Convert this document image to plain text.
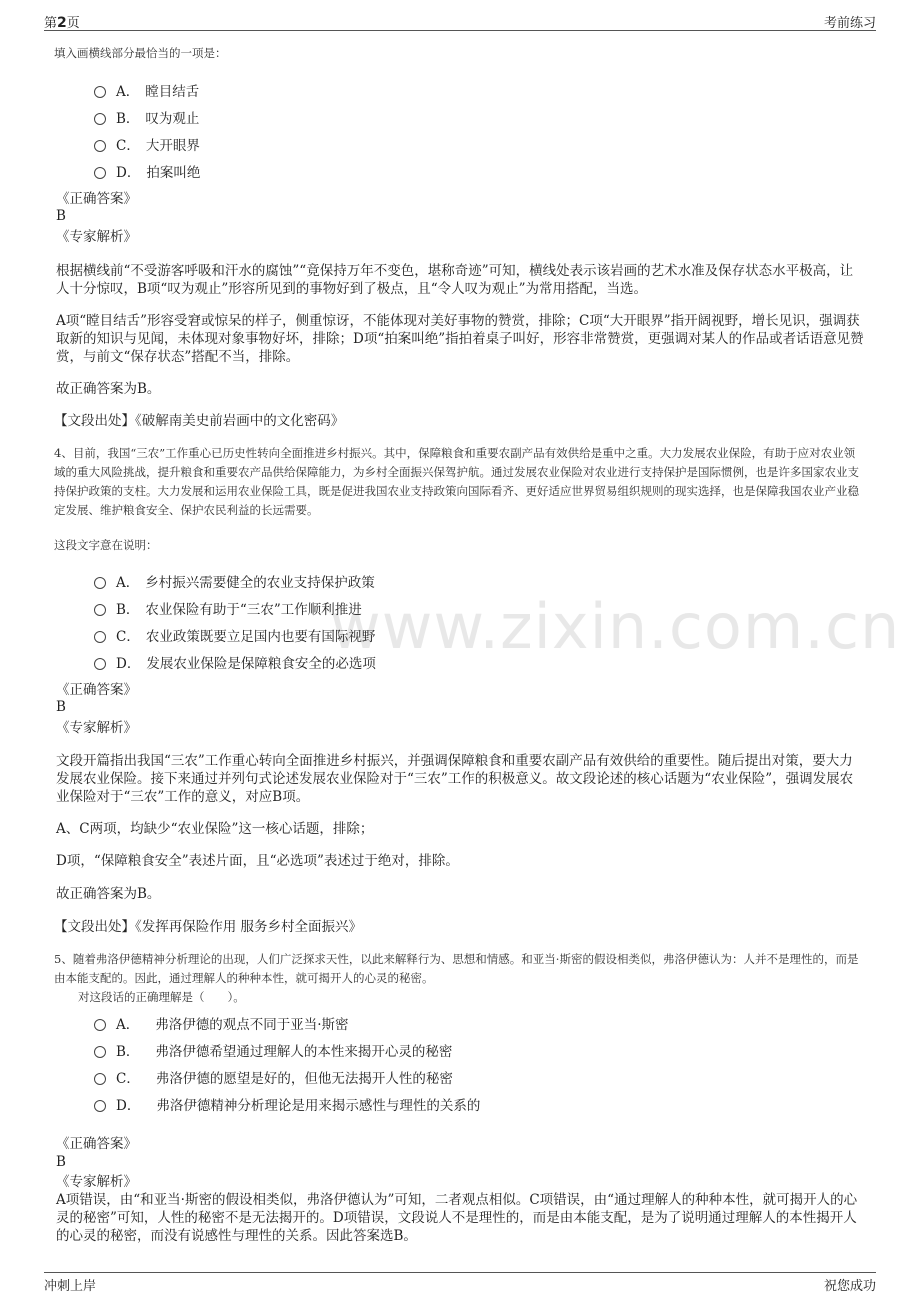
第2页	考前练习
www.zixin.com.cn
填入画横线部分最恰当的一项是：
A． 瞠目结舌
B． 叹为观止
C． 大开眼界
D． 拍案叫绝
《正确答案》
B
《专家解析》
根据横线前“不受游客呼吸和汗水的腐蚀”“竟保持万年不变色，堪称奇迹”可知，横线处表示该岩画的艺术水准及保存状态水平极高，让人十分惊叹，B项“叹为观止”形容所见到的事物好到了极点，且“令人叹为观止”为常用搭配，当选。
A项“瞠目结舌”形容受窘或惊呆的样子，侧重惊讶，不能体现对美好事物的赞赏，排除；C项“大开眼界”指开阔视野，增长见识，强调获取新的知识与见闻，未体现对象事物好坏，排除；D项“拍案叫绝”指拍着桌子叫好，形容非常赞赏，更强调对某人的作品或者话语意见赞赏，与前文“保存状态”搭配不当，排除。
故正确答案为B。
【文段出处】《破解南美史前岩画中的文化密码》
4、目前，我国“三农”工作重心已历史性转向全面推进乡村振兴。其中，保障粮食和重要农副产品有效供给是重中之重。大力发展农业保险，有助于应对农业领域的重大风险挑战，提升粮食和重要农产品供给保障能力，为乡村全面振兴保驾护航。通过发展农业保险对农业进行支持保护是国际惯例，也是许多国家农业支持保护政策的支柱。大力发展和运用农业保险工具，既是促进我国农业支持政策向国际看齐、更好适应世界贸易组织规则的现实选择，也是保障我国农业产业稳定发展、维护粮食安全、保护农民利益的长远需要。
这段文字意在说明：
A． 乡村振兴需要健全的农业支持保护政策
B． 农业保险有助于“三农”工作顺利推进
C． 农业政策既要立足国内也要有国际视野
D． 发展农业保险是保障粮食安全的必选项
《正确答案》
B
《专家解析》
文段开篇指出我国“三农”工作重心转向全面推进乡村振兴，并强调保障粮食和重要农副产品有效供给的重要性。随后提出对策，要大力发展农业保险。接下来通过并列句式论述发展农业保险对于“三农”工作的积极意义。故文段论述的核心话题为“农业保险”，强调发展农业保险对于“三农”工作的意义，对应B项。
A、C两项，均缺少“农业保险”这一核心话题，排除；
D项，“保障粮食安全”表述片面，且“必选项”表述过于绝对，排除。
故正确答案为B。
【文段出处】《发挥再保险作用 服务乡村全面振兴》
5、随着弗洛伊德精神分析理论的出现，人们广泛探求天性，以此来解释行为、思想和情感。和亚当·斯密的假设相类似，弗洛伊德认为：人并不是理性的，而是由本能支配的。因此，通过理解人的种种本性，就可揭开人的心灵的秘密。
对这段话的正确理解是（　　）。
A． 弗洛伊德的观点不同于亚当·斯密
B． 弗洛伊德希望通过理解人的本性来揭开心灵的秘密
C． 弗洛伊德的愿望是好的，但他无法揭开人性的秘密
D． 弗洛伊德精神分析理论是用来揭示感性与理性的关系的
《正确答案》
B
《专家解析》
A项错误，由“和亚当·斯密的假设相类似，弗洛伊德认为”可知，二者观点相似。C项错误，由“通过理解人的种种本性，就可揭开人的心灵的秘密”可知，人性的秘密不是无法揭开的。D项错误，文段说人不是理性的，而是由本能支配，是为了说明通过理解人的本性揭开人的心灵的秘密，而没有说感性与理性的关系。因此答案选B。
冲刺上岸	祝您成功
